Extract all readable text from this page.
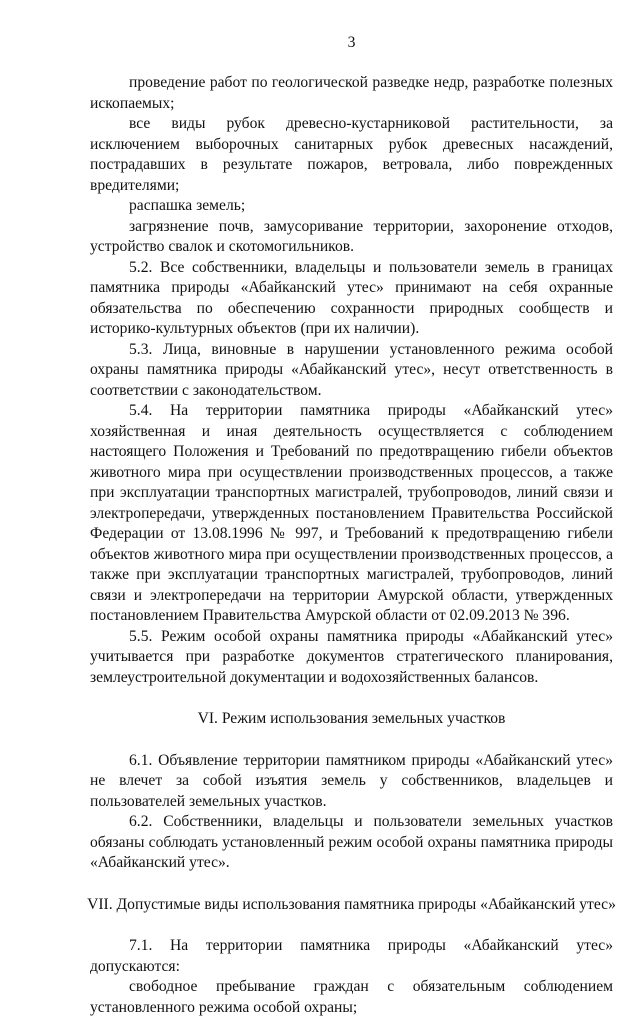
3

проведение работ по геологической разведке недр, разработке полезных ископаемых;

все виды рубок древесно-кустарниковой растительности, за исключением выборочных санитарных рубок древесных насаждений, пострадавших в результате пожаров, ветровала, либо поврежденных вредителями;

распашка земель;

загрязнение почв, замусоривание территории, захоронение отходов, устройство свалок и скотомогильников.

5.2. Все собственники, владельцы и пользователи земель в границах памятника природы «Абайканский утес» принимают на себя охранные обязательства по обеспечению сохранности природных сообществ и историко-культурных объектов (при их наличии).

5.3. Лица, виновные в нарушении установленного режима особой охраны памятника природы «Абайканский утес», несут ответственность в соответствии с законодательством.

5.4. На территории памятника природы «Абайканский утес» хозяйственная и иная деятельность осуществляется с соблюдением настоящего Положения и Требований по предотвращению гибели объектов животного мира при осуществлении производственных процессов, а также при эксплуатации транспортных магистралей, трубопроводов, линий связи и электропередачи, утвержденных постановлением Правительства Российской Федерации от 13.08.1996 № 997, и Требований к предотвращению гибели объектов животного мира при осуществлении производственных процессов, а также при эксплуатации транспортных магистралей, трубопроводов, линий связи и электропередачи на территории Амурской области, утвержденных постановлением Правительства Амурской области от 02.09.2013 № 396.

5.5. Режим особой охраны памятника природы «Абайканский утес» учитывается при разработке документов стратегического планирования, землеустроительной документации и водохозяйственных балансов.

VI. Режим использования земельных участков

6.1. Объявление территории памятником природы «Абайканский утес» не влечет за собой изъятия земель у собственников, владельцев и пользователей земельных участков.

6.2. Собственники, владельцы и пользователи земельных участков обязаны соблюдать установленный режим особой охраны памятника природы «Абайканский утес».

VII. Допустимые виды использования памятника природы «Абайканский утес»

7.1. На территории памятника природы «Абайканский утес» допускаются:

свободное пребывание граждан с обязательным соблюдением установленного режима особой охраны;
